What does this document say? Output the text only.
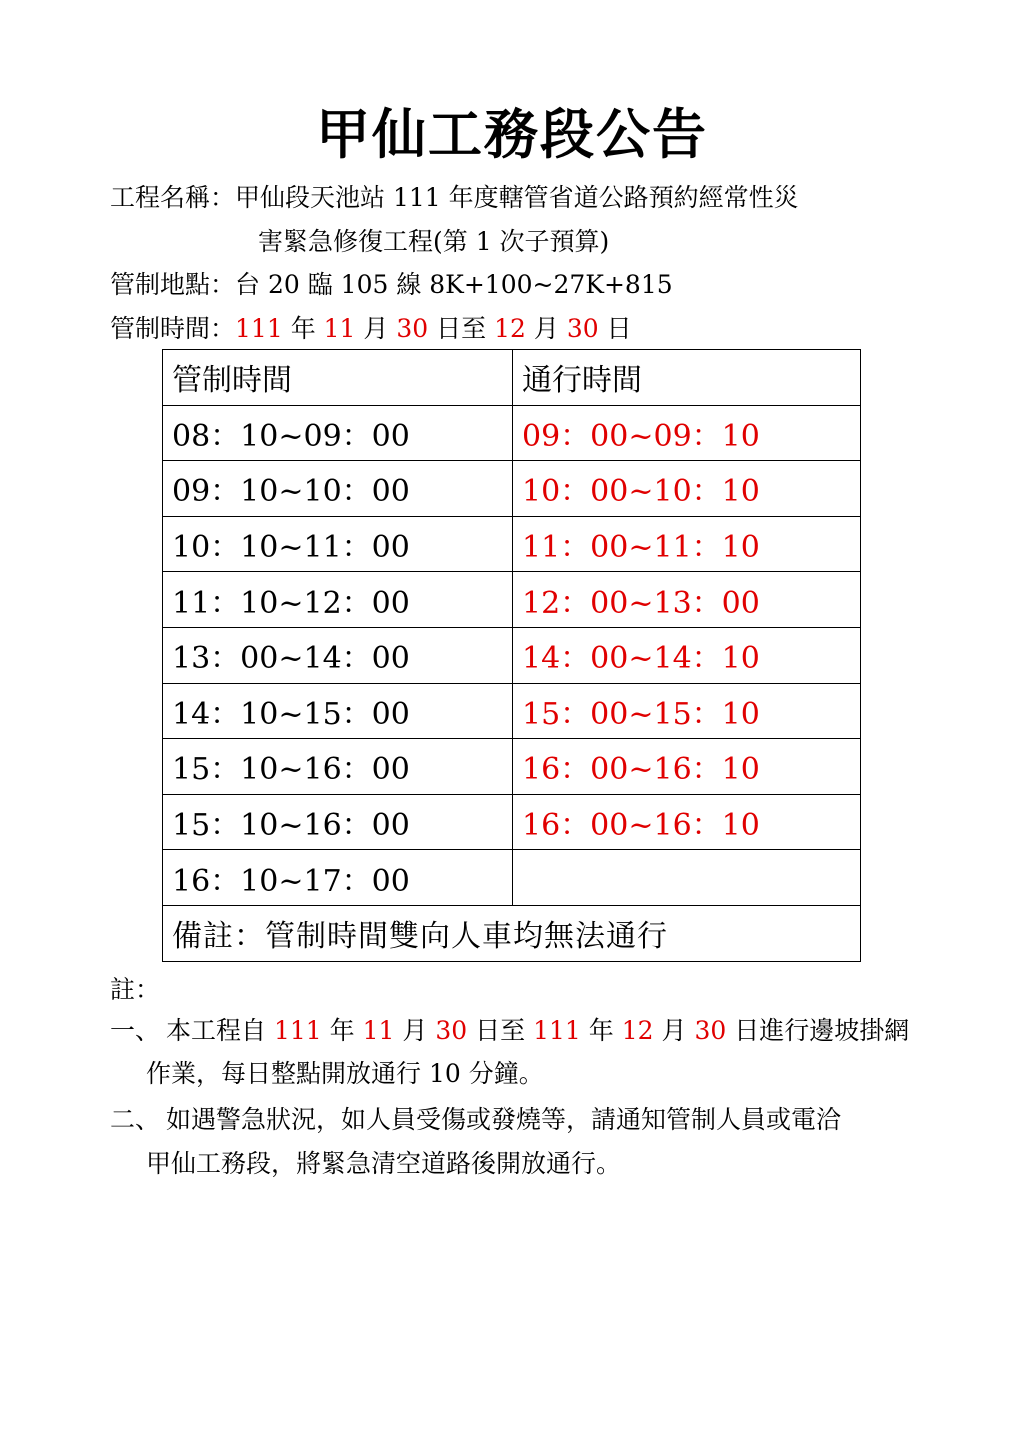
甲仙工務段公告
工程名稱：甲仙段天池站 111 年度轄管省道公路預約經常性災
害緊急修復工程(第 1 次子預算)
管制地點：台 20 臨 105 線 8K+100~27K+815
管制時間：111 年 11 月 30 日至 12 月 30 日
管制時間	通行時間
08：10~09：00	09：00~09：10
09：10~10：00	10：00~10：10
10：10~11：00	11：00~11：10
11：10~12：00	12：00~13：00
13：00~14：00	14：00~14：10
14：10~15：00	15：00~15：10
15：10~16：00	16：00~16：10
15：10~16：00	16：00~16：10
16：10~17：00	
備註：管制時間雙向人車均無法通行	
註：
一、 本工程自 111 年 11 月 30 日至 111 年 12 月 30 日進行邊坡掛網
作業，每日整點開放通行 10 分鐘。
二、 如遇警急狀況，如人員受傷或發燒等，請通知管制人員或電洽
甲仙工務段，將緊急清空道路後開放通行。
